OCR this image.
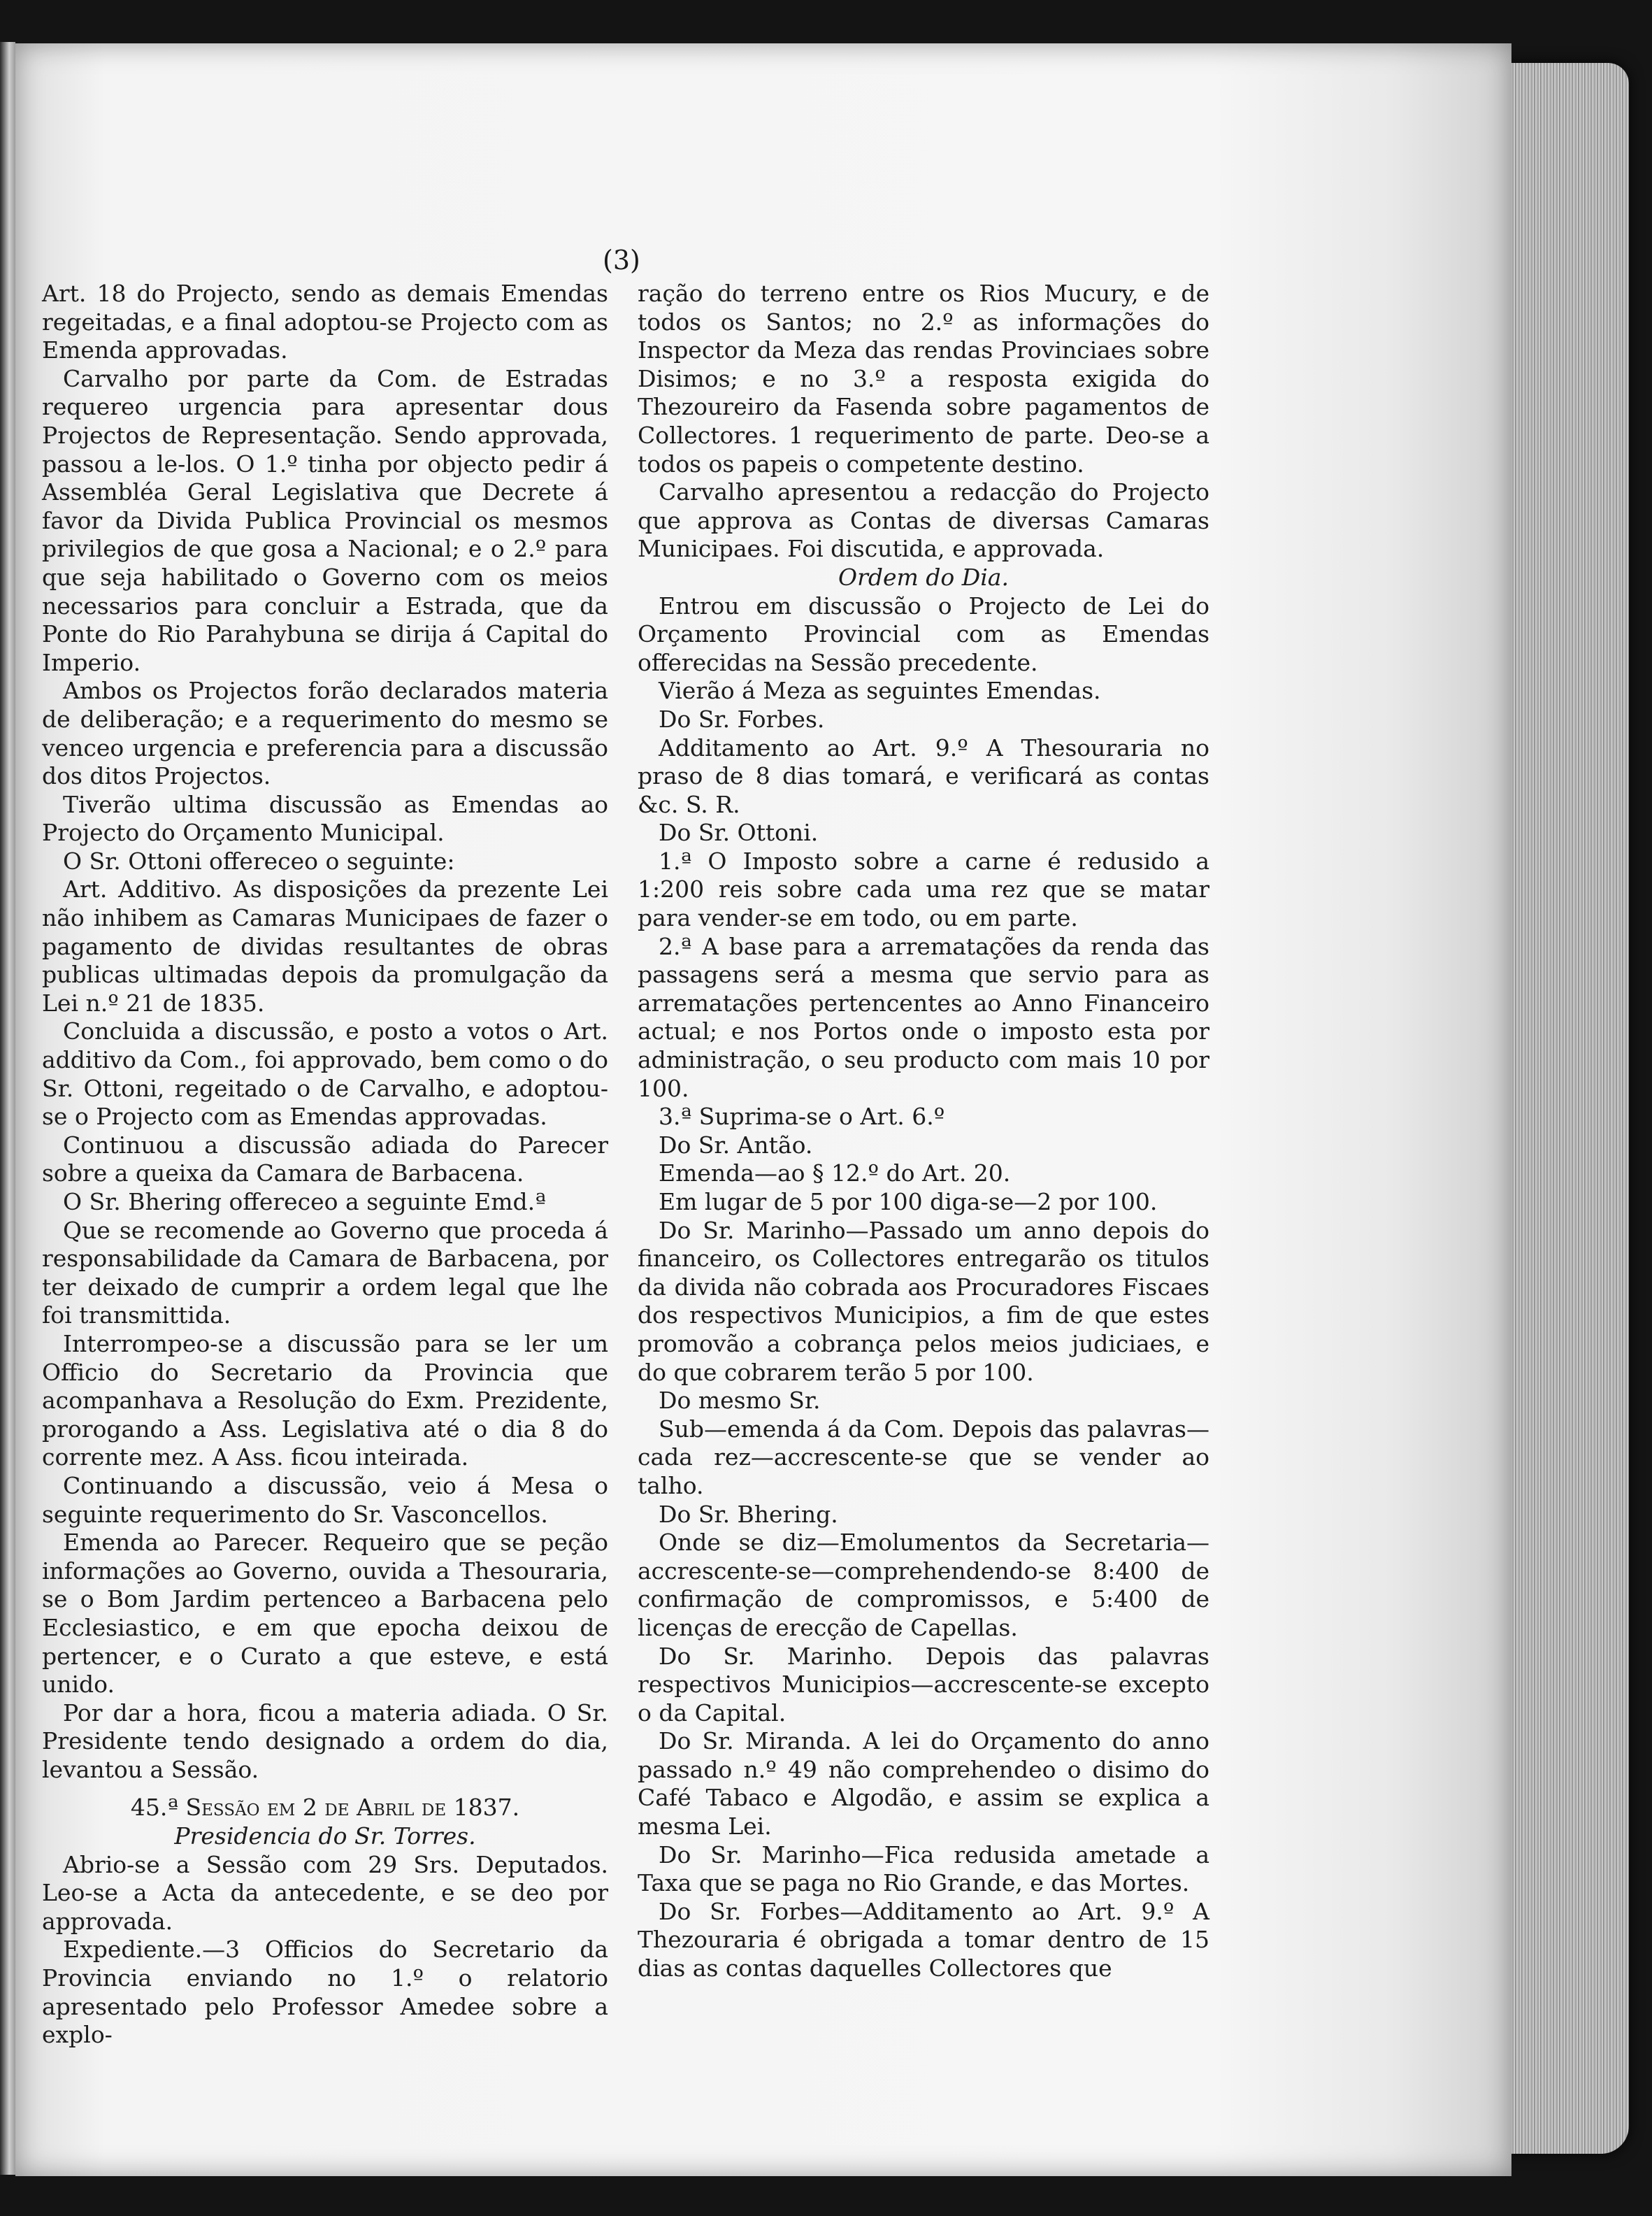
(3)

Art. 18 do Projecto, sendo as demais Emendas regeitadas, e a final adoptou-se Projecto com as Emenda approvadas.

Carvalho por parte da Com. de Estradas requereo urgencia para apresentar dous Projectos de Representação. Sendo approvada, passou a le-los. O 1.º tinha por objecto pedir á Assembléa Geral Legislativa que Decrete á favor da Divida Publica Provincial os mesmos privilegios de que gosa a Nacional; e o 2.º para que seja habilitado o Governo com os meios necessarios para concluir a Estrada, que da Ponte do Rio Parahybuna se dirija á Capital do Imperio.

Ambos os Projectos forão declarados materia de deliberação; e a requerimento do mesmo se venceo urgencia e preferencia para a discussão dos ditos Projectos.

Tiverão ultima discussão as Emendas ao Projecto do Orçamento Municipal.

O Sr. Ottoni offereceo o seguinte:

Art. Additivo. As disposições da prezente Lei não inhibem as Camaras Municipaes de fazer o pagamento de dividas resultantes de obras publicas ultimadas depois da promulgação da Lei n.º 21 de 1835.

Concluida a discussão, e posto a votos o Art. additivo da Com., foi approvado, bem como o do Sr. Ottoni, regeitado o de Carvalho, e adoptou-se o Projecto com as Emendas approvadas.

Continuou a discussão adiada do Parecer sobre a queixa da Camara de Barbacena.

O Sr. Bhering offereceo a seguinte Emd.ª

Que se recomende ao Governo que proceda á responsabilidade da Camara de Barbacena, por ter deixado de cumprir a ordem legal que lhe foi transmittida.

Interrompeo-se a discussão para se ler um Officio do Secretario da Provincia que acompanhava a Resolução do Exm. Prezidente, prorogando a Ass. Legislativa até o dia 8 do corrente mez. A Ass. ficou inteirada.

Continuando a discussão, veio á Mesa o seguinte requerimento do Sr. Vasconcellos.

Emenda ao Parecer. Requeiro que se peção informações ao Governo, ouvida a Thesouraria, se o Bom Jardim pertenceo a Barbacena pelo Ecclesiastico, e em que epocha deixou de pertencer, e o Curato a que esteve, e está unido.

Por dar a hora, ficou a materia adiada. O Sr. Presidente tendo designado a ordem do dia, levantou a Sessão.

45.ª Sessão em 2 de Abril de 1837.

Presidencia do Sr. Torres.

Abrio-se a Sessão com 29 Srs. Deputados. Leo-se a Acta da antecedente, e se deo por approvada.

Expediente.—3 Officios do Secretario da Provincia enviando no 1.º o relatorio apresentado pelo Professor Amedee sobre a explo-

ração do terreno entre os Rios Mucury, e de todos os Santos; no 2.º as informações do Inspector da Meza das rendas Provinciaes sobre Disimos; e no 3.º a resposta exigida do Thezoureiro da Fasenda sobre pagamentos de Collectores. 1 requerimento de parte. Deo-se a todos os papeis o competente destino.

Carvalho apresentou a redacção do Projecto que approva as Contas de diversas Camaras Municipaes. Foi discutida, e approvada.

Ordem do Dia.

Entrou em discussão o Projecto de Lei do Orçamento Provincial com as Emendas offerecidas na Sessão precedente.

Vierão á Meza as seguintes Emendas.

Do Sr. Forbes.

Additamento ao Art. 9.º A Thesouraria no praso de 8 dias tomará, e verificará as contas &c. S. R.

Do Sr. Ottoni.

1.ª O Imposto sobre a carne é redusido a 1:200 reis sobre cada uma rez que se matar para vender-se em todo, ou em parte.

2.ª A base para a arrematações da renda das passagens será a mesma que servio para as arrematações pertencentes ao Anno Financeiro actual; e nos Portos onde o imposto esta por administração, o seu producto com mais 10 por 100.

3.ª Suprima-se o Art. 6.º

Do Sr. Antão.

Emenda—ao § 12.º do Art. 20.

Em lugar de 5 por 100 diga-se—2 por 100.

Do Sr. Marinho—Passado um anno depois do financeiro, os Collectores entregarão os titulos da divida não cobrada aos Procuradores Fiscaes dos respectivos Municipios, a fim de que estes promovão a cobrança pelos meios judiciaes, e do que cobrarem terão 5 por 100.

Do mesmo Sr.

Sub—emenda á da Com. Depois das palavras—cada rez—accrescente-se que se vender ao talho.

Do Sr. Bhering.

Onde se diz—Emolumentos da Secretaria—accrescente-se—comprehendendo-se 8:400 de confirmação de compromissos, e 5:400 de licenças de erecção de Capellas.

Do Sr. Marinho. Depois das palavras respectivos Municipios—accrescente-se excepto o da Capital.

Do Sr. Miranda. A lei do Orçamento do anno passado n.º 49 não comprehendeo o disimo do Café Tabaco e Algodão, e assim se explica a mesma Lei.

Do Sr. Marinho—Fica redusida ametade a Taxa que se paga no Rio Grande, e das Mortes.

Do Sr. Forbes—Additamento ao Art. 9.º A Thezouraria é obrigada a tomar dentro de 15 dias as contas daquelles Collectores que
